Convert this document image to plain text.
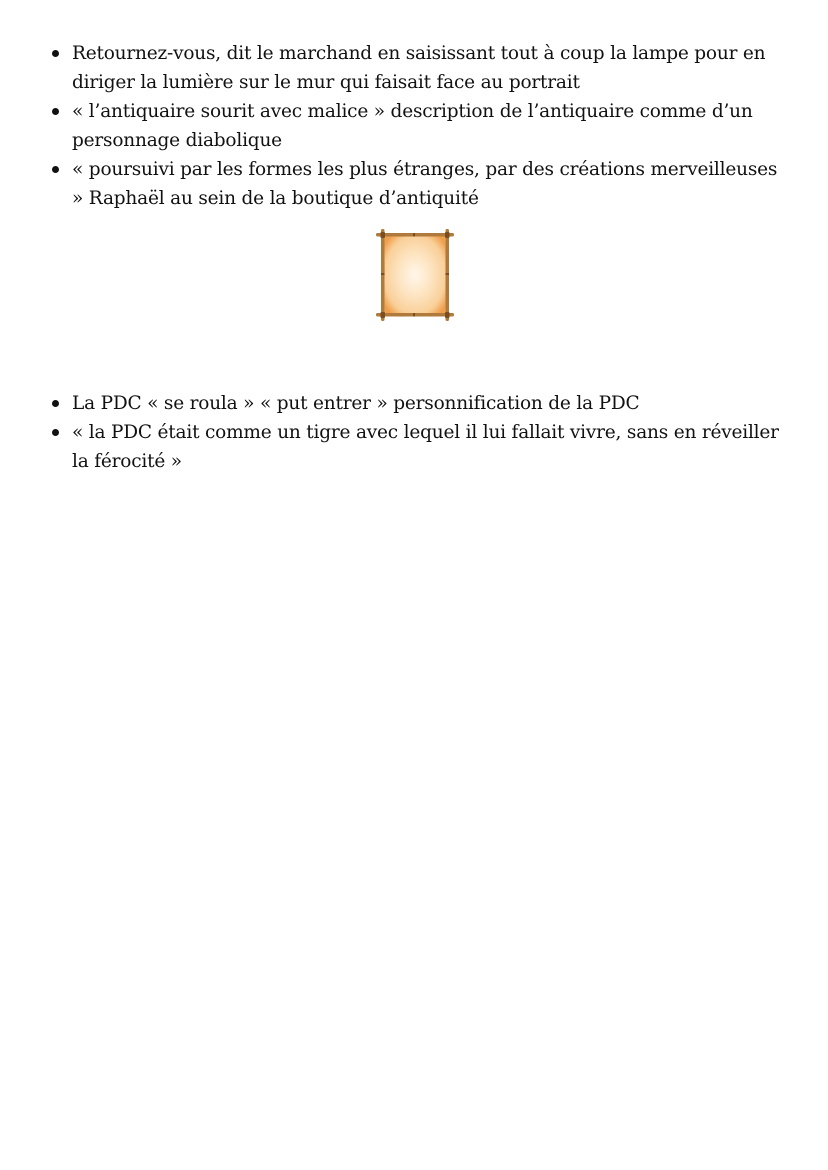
Retournez-vous, dit le marchand en saisissant tout à coup la lampe pour en diriger la lumière sur le mur qui faisait face au portrait
« l’antiquaire sourit avec malice » description de l’antiquaire comme d’un personnage diabolique
« poursuivi par les formes les plus étranges, par des créations merveilleuses » Raphaël au sein de la boutique d’antiquité
La PDC « se roula » « put entrer » personnification de la PDC
« la PDC était comme un tigre avec lequel il lui fallait vivre, sans en réveiller la férocité »
